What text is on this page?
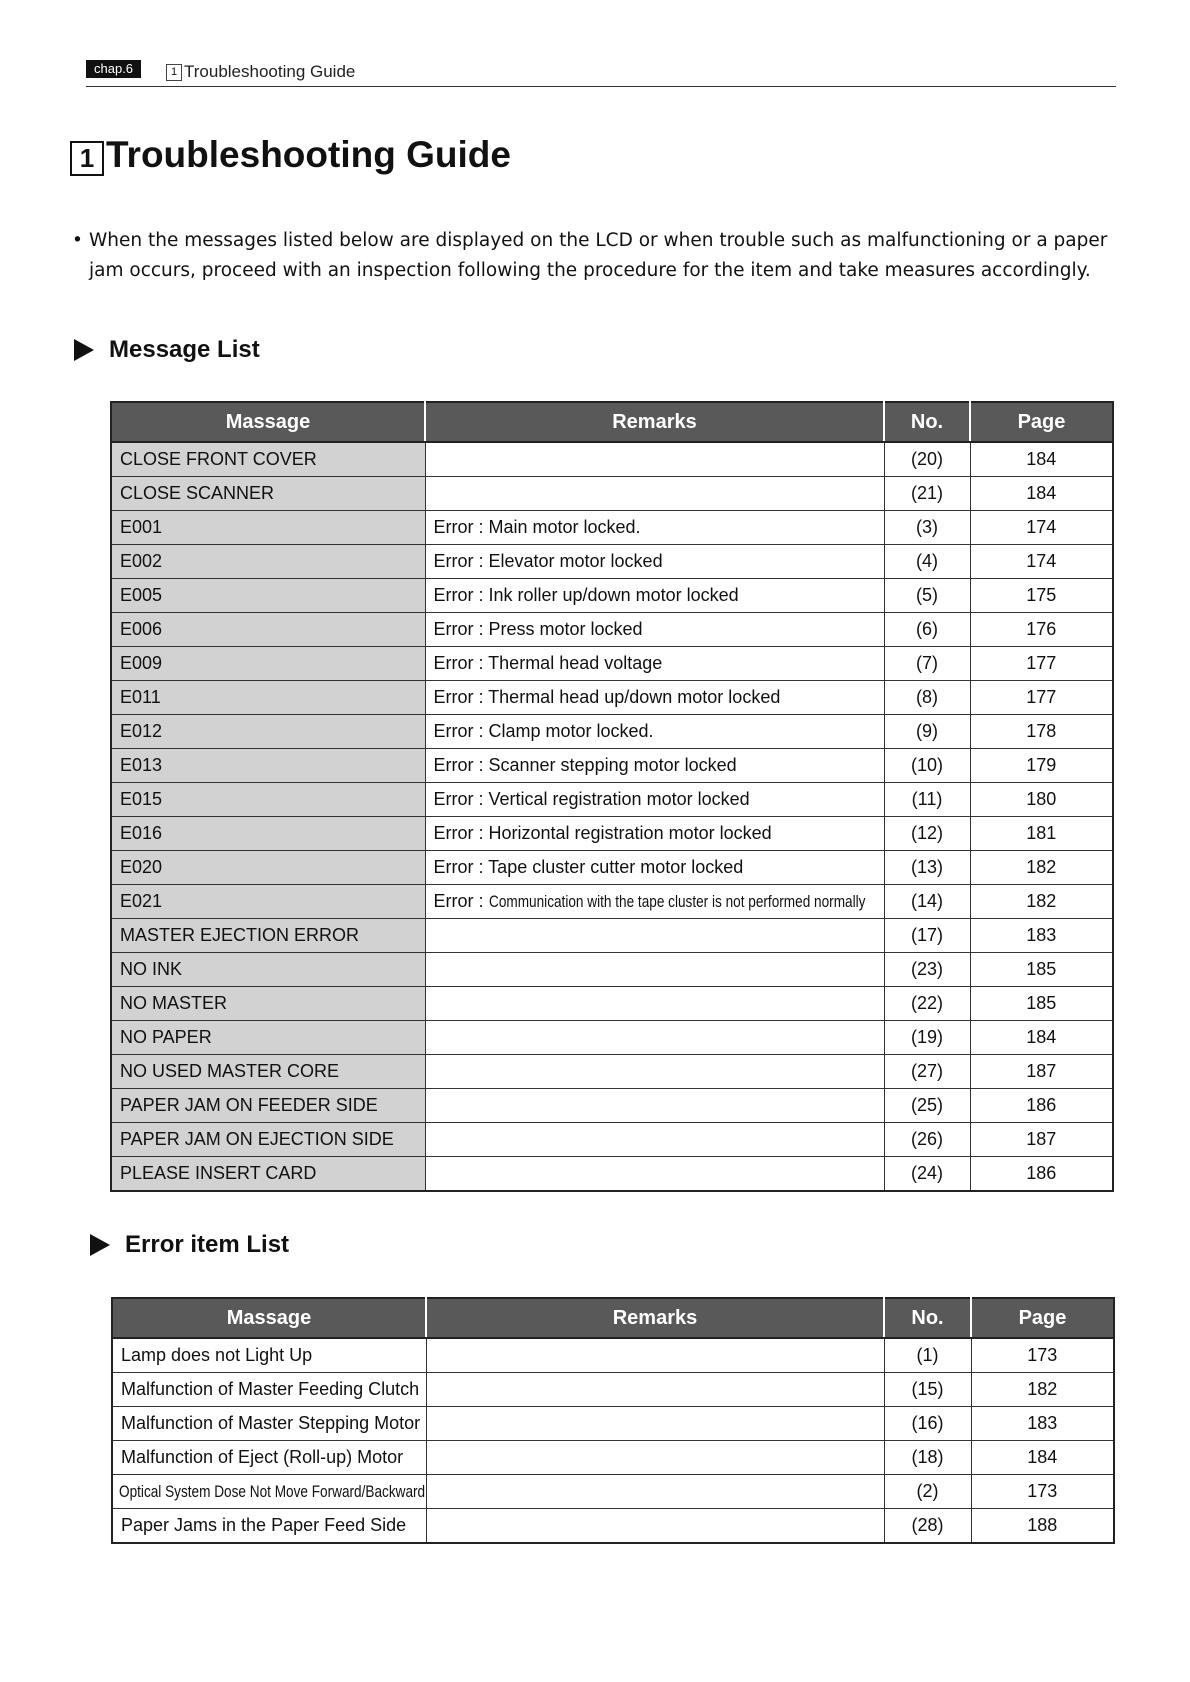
chap.6	1 Troubleshooting Guide
1 Troubleshooting Guide
• When the messages listed below are displayed on the LCD or when trouble such as malfunctioning or a paper
jam occurs, proceed with an inspection following the procedure for the item and take measures accordingly.
Message List
Massage	Remarks	No.	Page
CLOSE FRONT COVER		(20)	184
CLOSE SCANNER		(21)	184
E001	Error : Main motor locked.	(3)	174
E002	Error : Elevator motor locked	(4)	174
E005	Error : Ink roller up/down motor locked	(5)	175
E006	Error : Press motor locked	(6)	176
E009	Error : Thermal head voltage	(7)	177
E011	Error : Thermal head up/down motor locked	(8)	177
E012	Error : Clamp motor locked.	(9)	178
E013	Error : Scanner stepping motor locked	(10)	179
E015	Error : Vertical registration motor locked	(11)	180
E016	Error : Horizontal registration motor locked	(12)	181
E020	Error : Tape cluster cutter motor locked	(13)	182
E021	Error : Communication with the tape cluster is not performed normally	(14)	182
MASTER EJECTION ERROR		(17)	183
NO INK		(23)	185
NO MASTER		(22)	185
NO PAPER		(19)	184
NO USED MASTER CORE		(27)	187
PAPER JAM ON FEEDER SIDE		(25)	186
PAPER JAM ON EJECTION SIDE		(26)	187
PLEASE INSERT CARD		(24)	186
Error item List
Massage	Remarks	No.	Page
Lamp does not Light Up		(1)	173
Malfunction of Master Feeding Clutch		(15)	182
Malfunction of Master Stepping Motor		(16)	183
Malfunction of Eject (Roll-up) Motor		(18)	184
Optical System Dose Not Move Forward/Backward		(2)	173
Paper Jams in the Paper Feed Side		(28)	188
